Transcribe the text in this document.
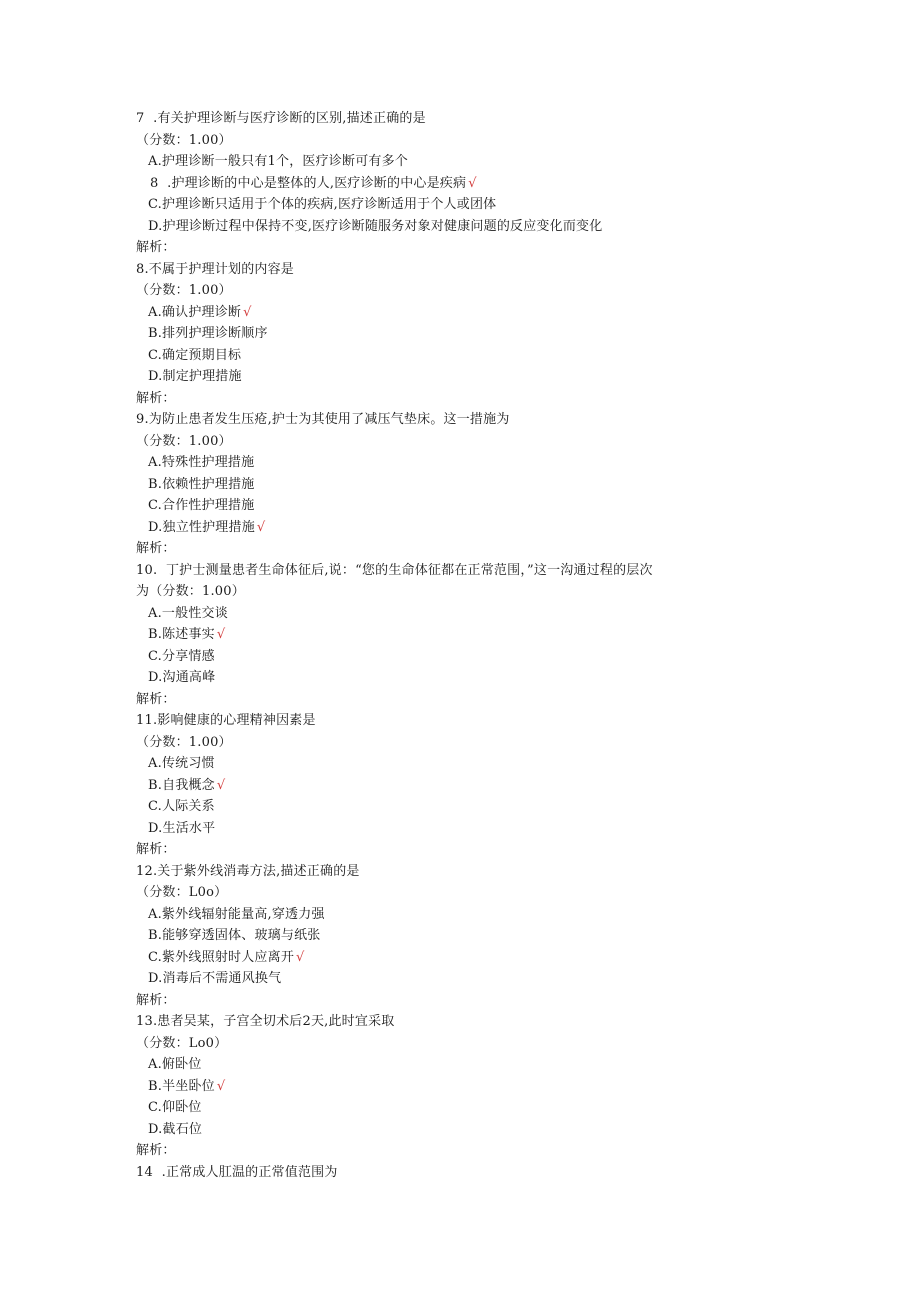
7  .有关护理诊断与医疗诊断的区别,描述正确的是
（分数：1.00）
A.护理诊断一般只有1个，医疗诊断可有多个
8  .护理诊断的中心是整体的人,医疗诊断的中心是疾病 √
C.护理诊断只适用于个体的疾病,医疗诊断适用于个人或团体
D.护理诊断过程中保持不变,医疗诊断随服务对象对健康问题的反应变化而变化
解析：
8.不属于护理计划的内容是
（分数：1.00）
A.确认护理诊断 √
B.排列护理诊断顺序
C.确定预期目标
D.制定护理措施
解析：
9.为防止患者发生压疮,护士为其使用了减压气垫床。这一措施为
（分数：1.00）
A.特殊性护理措施
B.依赖性护理措施
C.合作性护理措施
D.独立性护理措施 √
解析：
10.  丁护士测量患者生命体征后,说：“您的生命体征都在正常范围，”这一沟通过程的层次
为（分数：1.00）
A.一般性交谈
B.陈述事实 √
C.分享情感
D.沟通高峰
解析：
11.影响健康的心理精神因素是
（分数：1.00）
A.传统习惯
B.自我概念 √
C.人际关系
D.生活水平
解析：
12.关于紫外线消毒方法,描述正确的是
（分数：L0o）
A.紫外线辐射能量高,穿透力强
B.能够穿透固体、玻璃与纸张
C.紫外线照射时人应离开 √
D.消毒后不需通风换气
解析：
13.患者吴某，子宫全切术后2天,此时宜采取
（分数：Lo0）
A.俯卧位
B.半坐卧位 √
C.仰卧位
D.截石位
解析：
14  .正常成人肛温的正常值范围为
